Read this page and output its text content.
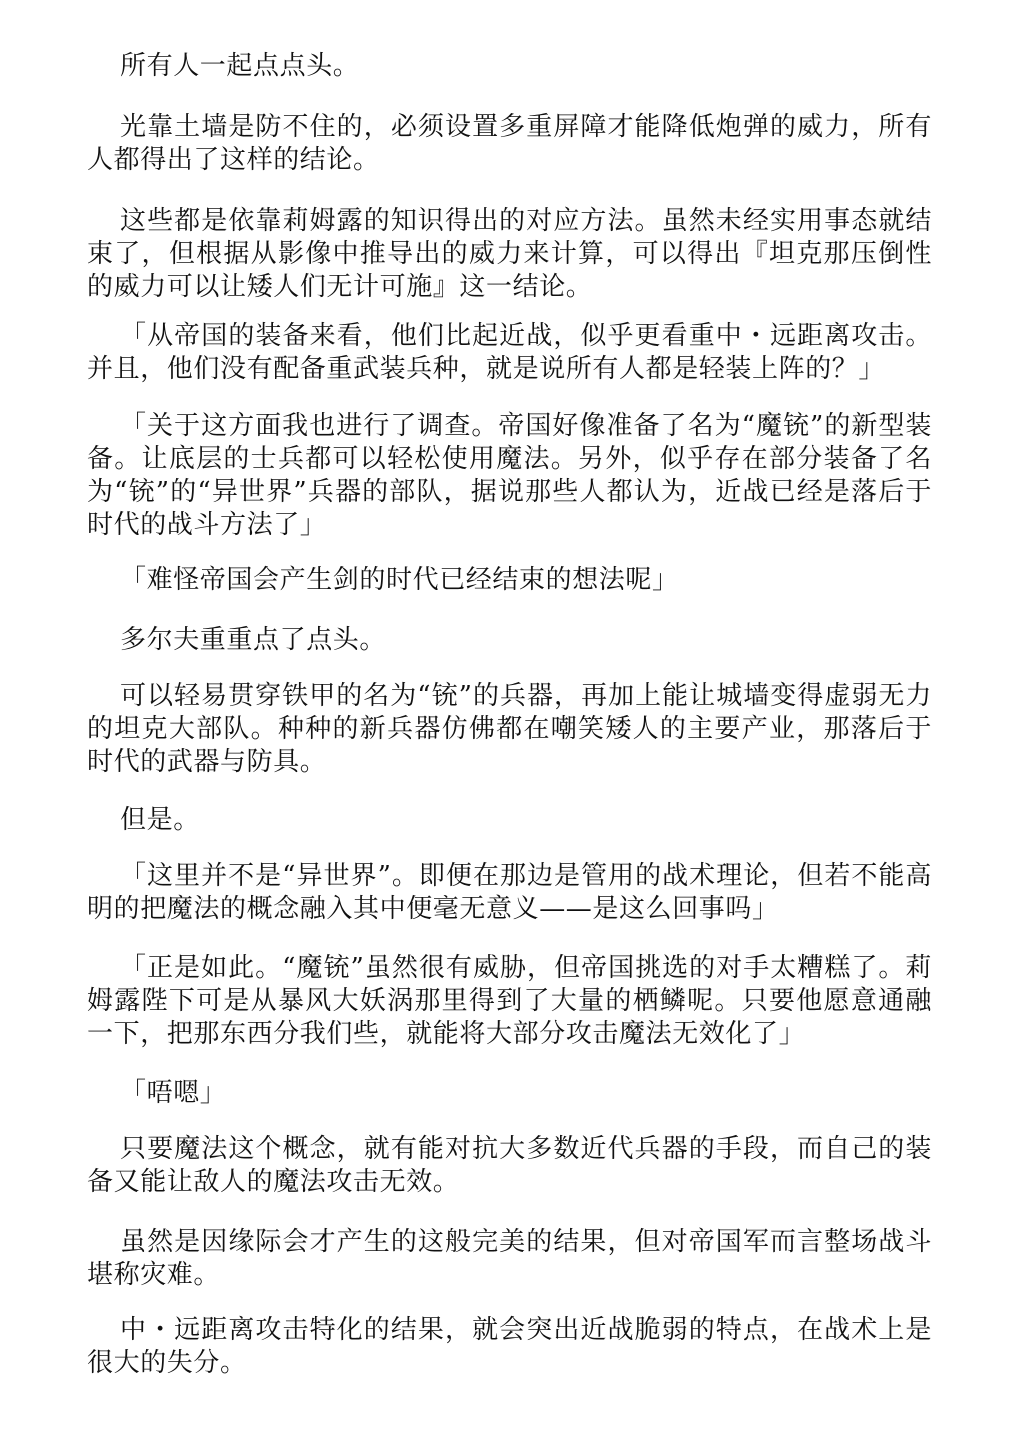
所有人一起点点头。

光靠土墙是防不住的，必须设置多重屏障才能降低炮弹的威力，所有人都得出了这样的结论。

这些都是依靠莉姆露的知识得出的对应方法。虽然未经实用事态就结束了，但根据从影像中推导出的威力来计算，可以得出『坦克那压倒性的威力可以让矮人们无计可施』这一结论。

「从帝国的装备来看，他们比起近战，似乎更看重中・远距离攻击。并且，他们没有配备重武装兵种，就是说所有人都是轻装上阵的？」

「关于这方面我也进行了调查。帝国好像准备了名为“魔铳”的新型装备。让底层的士兵都可以轻松使用魔法。另外，似乎存在部分装备了名为“铳”的“异世界”兵器的部队，据说那些人都认为，近战已经是落后于时代的战斗方法了」

「难怪帝国会产生剑的时代已经结束的想法呢」

多尔夫重重点了点头。

可以轻易贯穿铁甲的名为“铳”的兵器，再加上能让城墙变得虚弱无力的坦克大部队。种种的新兵器仿佛都在嘲笑矮人的主要产业，那落后于时代的武器与防具。

但是。

「这里并不是“异世界”。即便在那边是管用的战术理论，但若不能高明的把魔法的概念融入其中便毫无意义——是这么回事吗」

「正是如此。“魔铳”虽然很有威胁，但帝国挑选的对手太糟糕了。莉姆露陛下可是从暴风大妖涡那里得到了大量的栖鳞呢。只要他愿意通融一下，把那东西分我们些，就能将大部分攻击魔法无效化了」

「唔嗯」

只要魔法这个概念，就有能对抗大多数近代兵器的手段，而自己的装备又能让敌人的魔法攻击无效。

虽然是因缘际会才产生的这般完美的结果，但对帝国军而言整场战斗堪称灾难。

中・远距离攻击特化的结果，就会突出近战脆弱的特点，在战术上是很大的失分。
